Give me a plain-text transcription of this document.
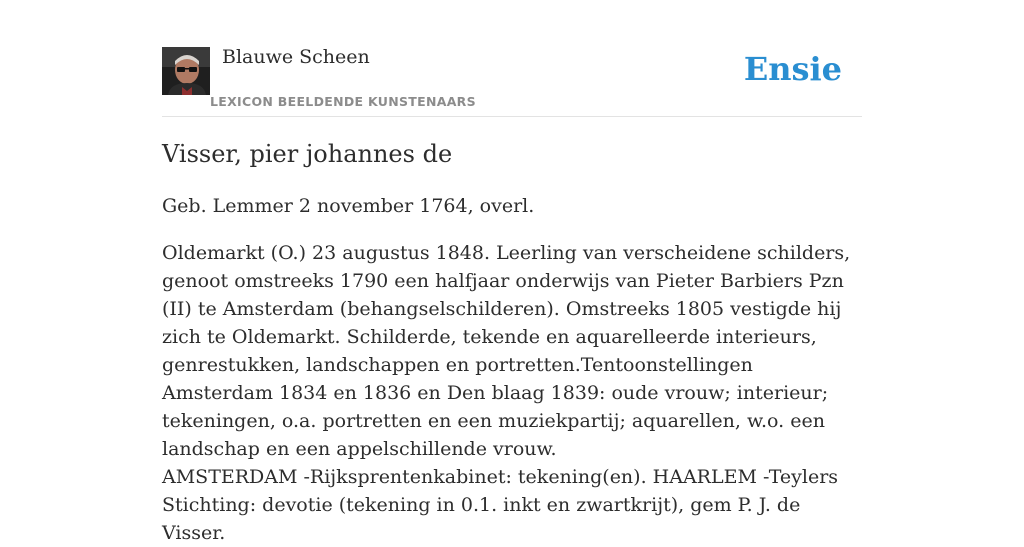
Blauwe Scheen
LEXICON BEELDENDE KUNSTENAARS
Ensie
Visser, pier johannes de

Geb. Lemmer 2 november 1764, overl.

Oldemarkt (O.) 23 augustus 1848. Leerling van verscheidene schilders, genoot omstreeks 1790 een halfjaar onderwijs van Pieter Barbiers Pzn (II) te Amsterdam (behangselschilderen). Omstreeks 1805 vestigde hij zich te Oldemarkt. Schilderde, tekende en aquarelleerde interieurs, genrestukken, landschappen en portretten.Tentoonstellingen Amsterdam 1834 en 1836 en Den blaag 1839: oude vrouw; interieur; tekeningen, o.a. portretten en een muziekpartij; aquarellen, w.o. een landschap en een appelschillende vrouw.

AMSTERDAM -Rijksprentenkabinet: tekening(en). HAARLEM -Teylers Stichting: devotie (tekening in 0.1. inkt en zwartkrijt), gem P. J. de Visser.
